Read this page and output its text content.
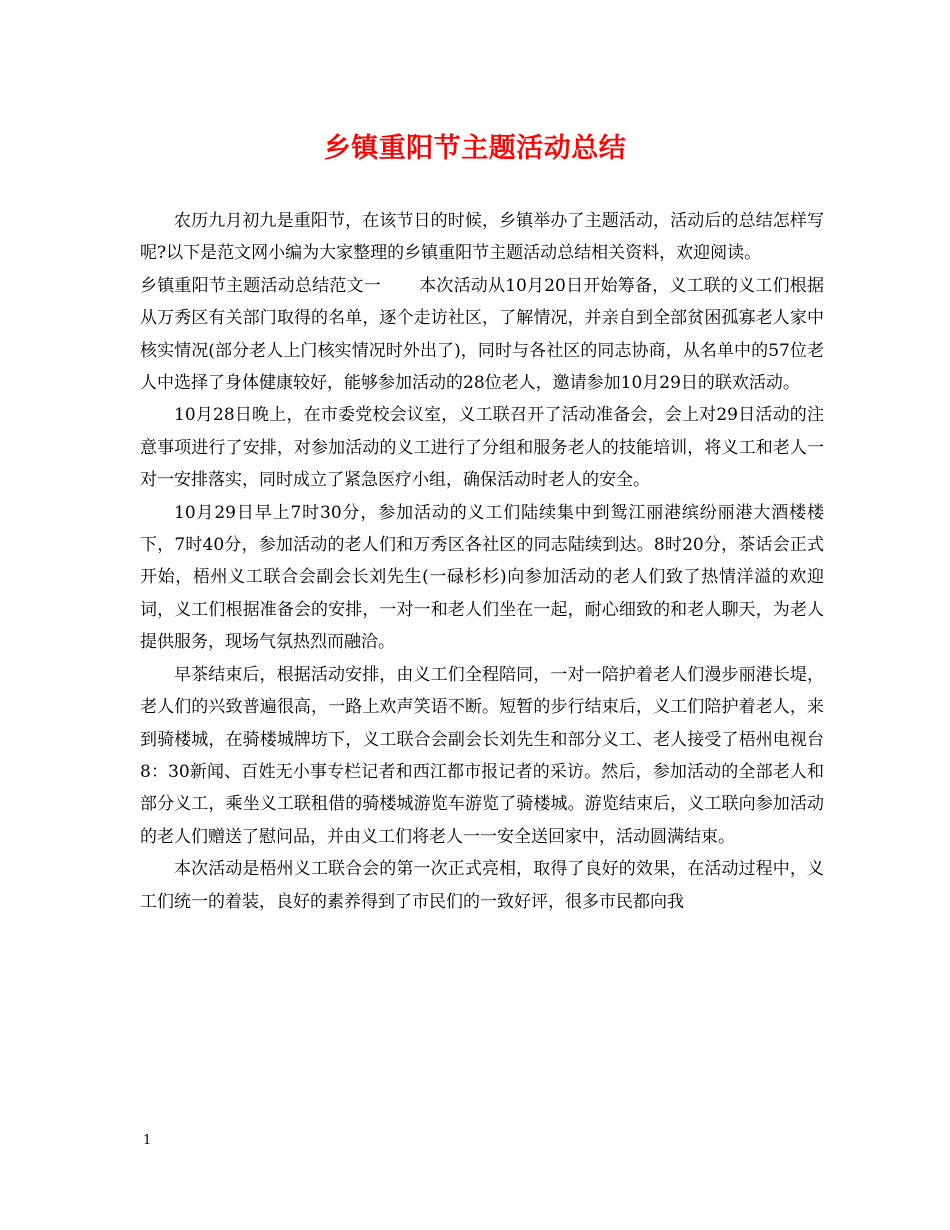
乡镇重阳节主题活动总结

农历九月初九是重阳节，在该节日的时候，乡镇举办了主题活动，活动后的总结怎样写呢?以下是范文网小编为大家整理的乡镇重阳节主题活动总结相关资料，欢迎阅读。

乡镇重阳节主题活动总结范文一 本次活动从10月20日开始筹备，义工联的义工们根据从万秀区有关部门取得的名单，逐个走访社区，了解情况，并亲自到全部贫困孤寡老人家中核实情况(部分老人上门核实情况时外出了)，同时与各社区的同志协商，从名单中的57位老人中选择了身体健康较好，能够参加活动的28位老人，邀请参加10月29日的联欢活动。

10月28日晚上，在市委党校会议室，义工联召开了活动准备会，会上对29日活动的注意事项进行了安排，对参加活动的义工进行了分组和服务老人的技能培训，将义工和老人一对一安排落实，同时成立了紧急医疗小组，确保活动时老人的安全。

10月29日早上7时30分，参加活动的义工们陆续集中到鸳江丽港缤纷丽港大酒楼楼下，7时40分，参加活动的老人们和万秀区各社区的同志陆续到达。8时20分，茶话会正式开始，梧州义工联合会副会长刘先生(一碌杉杉)向参加活动的老人们致了热情洋溢的欢迎词，义工们根据准备会的安排，一对一和老人们坐在一起，耐心细致的和老人聊天，为老人提供服务，现场气氛热烈而融洽。

早茶结束后，根据活动安排，由义工们全程陪同，一对一陪护着老人们漫步丽港长堤，老人们的兴致普遍很高，一路上欢声笑语不断。短暂的步行结束后，义工们陪护着老人，来到骑楼城，在骑楼城牌坊下，义工联合会副会长刘先生和部分义工、老人接受了梧州电视台8：30新闻、百姓无小事专栏记者和西江都市报记者的采访。然后，参加活动的全部老人和部分义工，乘坐义工联租借的骑楼城游览车游览了骑楼城。游览结束后，义工联向参加活动的老人们赠送了慰问品，并由义工们将老人一一安全送回家中，活动圆满结束。

本次活动是梧州义工联合会的第一次正式亮相，取得了良好的效果，在活动过程中，义工们统一的着装，良好的素养得到了市民们的一致好评，很多市民都向我

1
